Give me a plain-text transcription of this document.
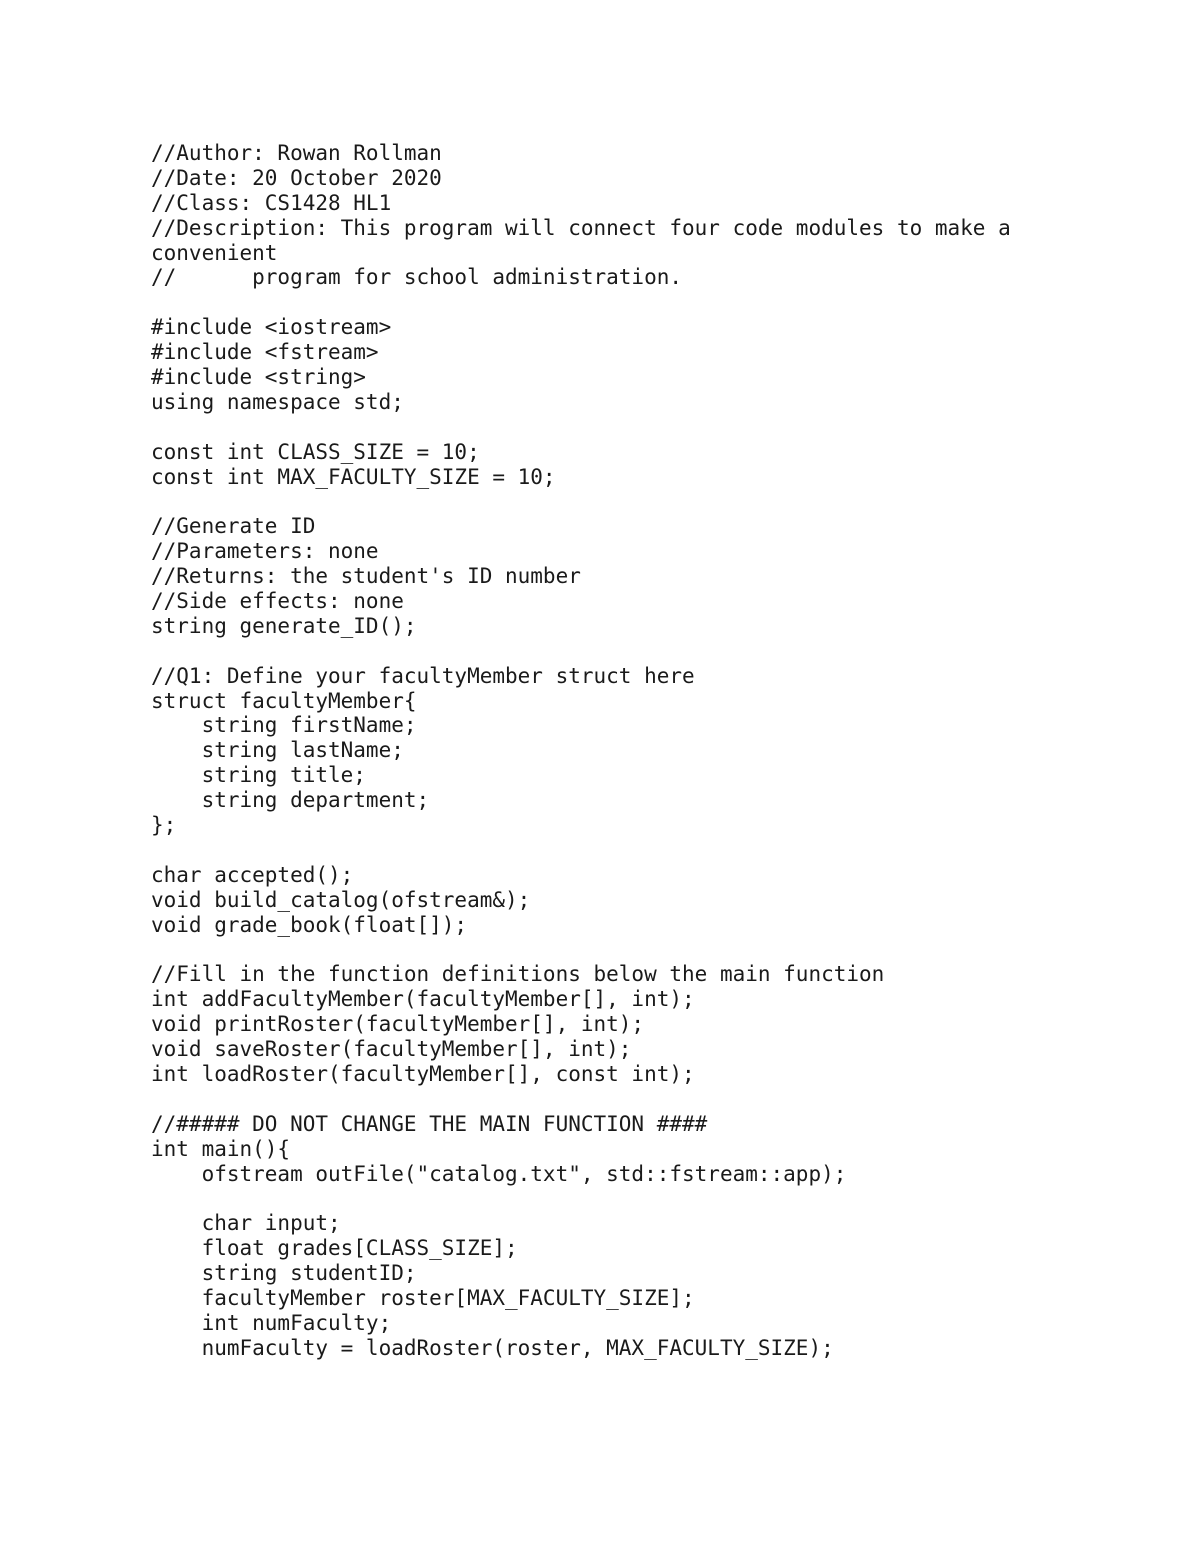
//Author: Rowan Rollman
//Date: 20 October 2020
//Class: CS1428 HL1
//Description: This program will connect four code modules to make a
convenient
//      program for school administration.
#include <iostream>
#include <fstream>
#include <string>
using namespace std;
const int CLASS_SIZE = 10;
const int MAX_FACULTY_SIZE = 10;
//Generate ID
//Parameters: none
//Returns: the student's ID number
//Side effects: none
string generate_ID();
//Q1: Define your facultyMember struct here
struct facultyMember{
string firstName;
string lastName;
string title;
string department;
};
char accepted();
void build_catalog(ofstream&);
void grade_book(float[]);
//Fill in the function definitions below the main function
int addFacultyMember(facultyMember[], int);
void printRoster(facultyMember[], int);
void saveRoster(facultyMember[], int);
int loadRoster(facultyMember[], const int);
//##### DO NOT CHANGE THE MAIN FUNCTION ####
int main(){
ofstream outFile("catalog.txt", std::fstream::app);
char input;
float grades[CLASS_SIZE];
string studentID;
facultyMember roster[MAX_FACULTY_SIZE];
int numFaculty;
numFaculty = loadRoster(roster, MAX_FACULTY_SIZE);
